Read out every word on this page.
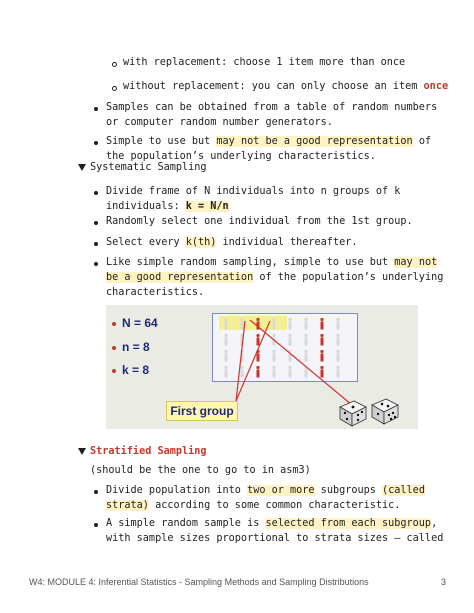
with replacement: choose 1 item more than once
without replacement: you can only choose an item once
Samples can be obtained from a table of random numbers
or computer random number generators.
Simple to use but may not be a good representation of
the population’s underlying characteristics.
Systematic Sampling
Divide frame of N individuals into n groups of k
individuals: k = N/n
Randomly select one individual from the 1st group.
Select every k(th) individual thereafter.
Like simple random sampling, simple to use but may not
be a good representation of the population’s underlying
characteristics.
N = 64
n = 8
k = 8
First group
Stratified Sampling
(should be the one to go to in asm3)
Divide population into two or more subgroups (called
strata) according to some common characteristic.
A simple random sample is selected from each subgroup,
with sample sizes proportional to strata sizes – called
W4: MODULE 4: Inferential Statistics - Sampling Methods and Sampling Distributions	3
